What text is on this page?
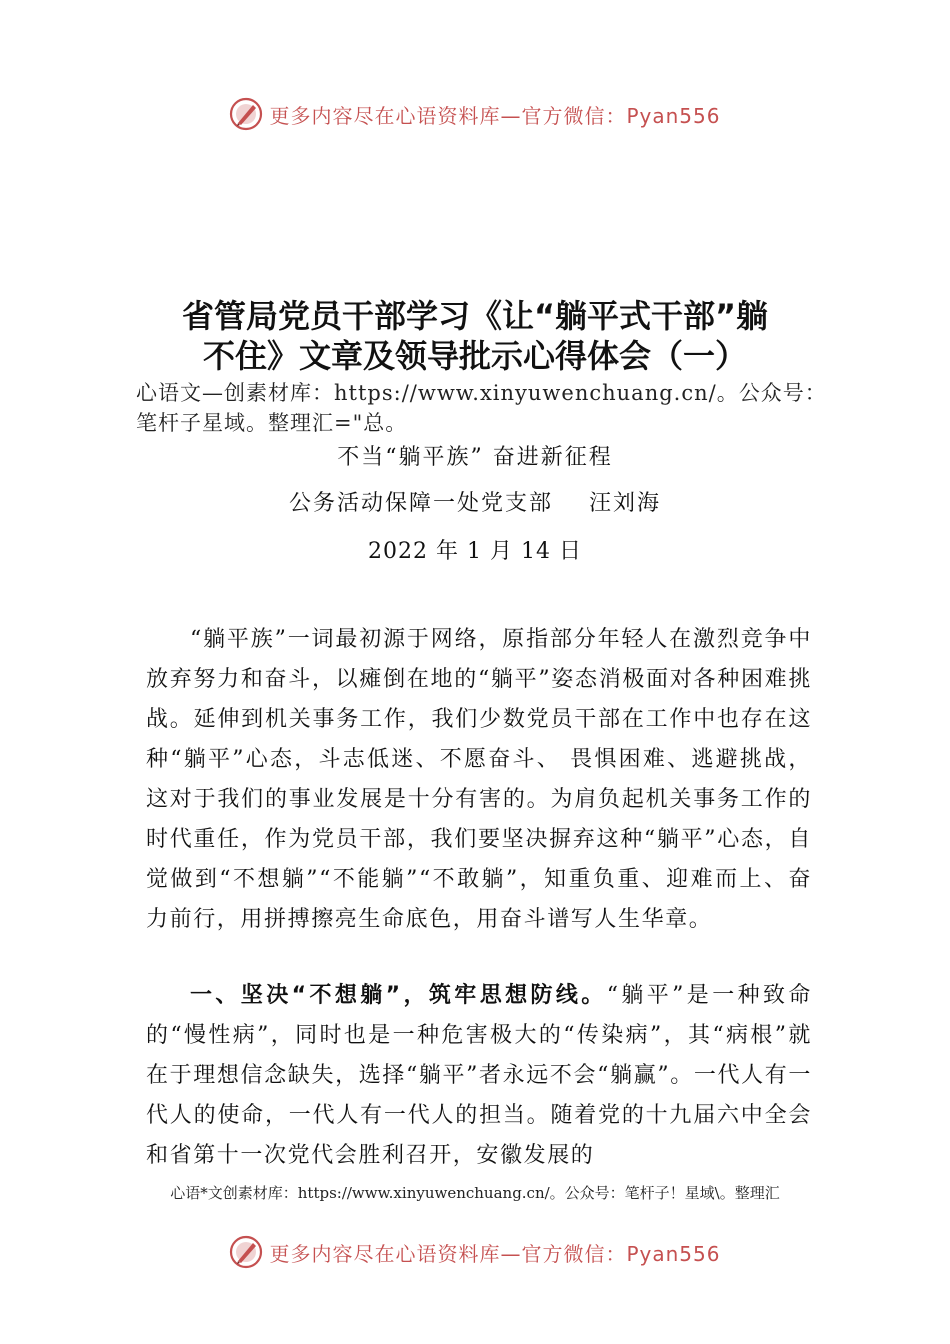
更多内容尽在心语资料库—官方微信：Pyan556
省管局党员干部学习《让“躺平式干部”躺
不住》文章及领导批示心得体会（一）
心语文—创素材库：https://www.xinyuwenchuang.cn/。公众号：笔杆子星域。整理汇="总。
不当“躺平族” 奋进新征程
公务活动保障一处党支部 汪刘海
2022 年 1 月 14 日

“躺平族”一词最初源于网络，原指部分年轻人在激烈竞争中放弃努力和奋斗，以瘫倒在地的“躺平”姿态消极面对各种困难挑战。延伸到机关事务工作，我们少数党员干部在工作中也存在这种“躺平”心态，斗志低迷、不愿奋斗、 畏惧困难、逃避挑战，这对于我们的事业发展是十分有害的。为肩负起机关事务工作的时代重任，作为党员干部，我们要坚决摒弃这种“躺平”心态，自觉做到“不想躺”“不能躺”“不敢躺”，知重负重、迎难而上、奋力前行，用拼搏擦亮生命底色，用奋斗谱写人生华章。

一、坚决“不想躺”，筑牢思想防线。“躺平”是一种致命的“慢性病”，同时也是一种危害极大的“传染病”，其“病根”就在于理想信念缺失，选择“躺平”者永远不会“躺赢”。一代人有一代人的使命，一代人有一代人的担当。随着党的十九届六中全会和省第十一次党代会胜利召开，安徽发展的

心语*文创素材库：https://www.xinyuwenchuang.cn/。公众号：笔杆子！星域\。整理汇
更多内容尽在心语资料库—官方微信：Pyan556
